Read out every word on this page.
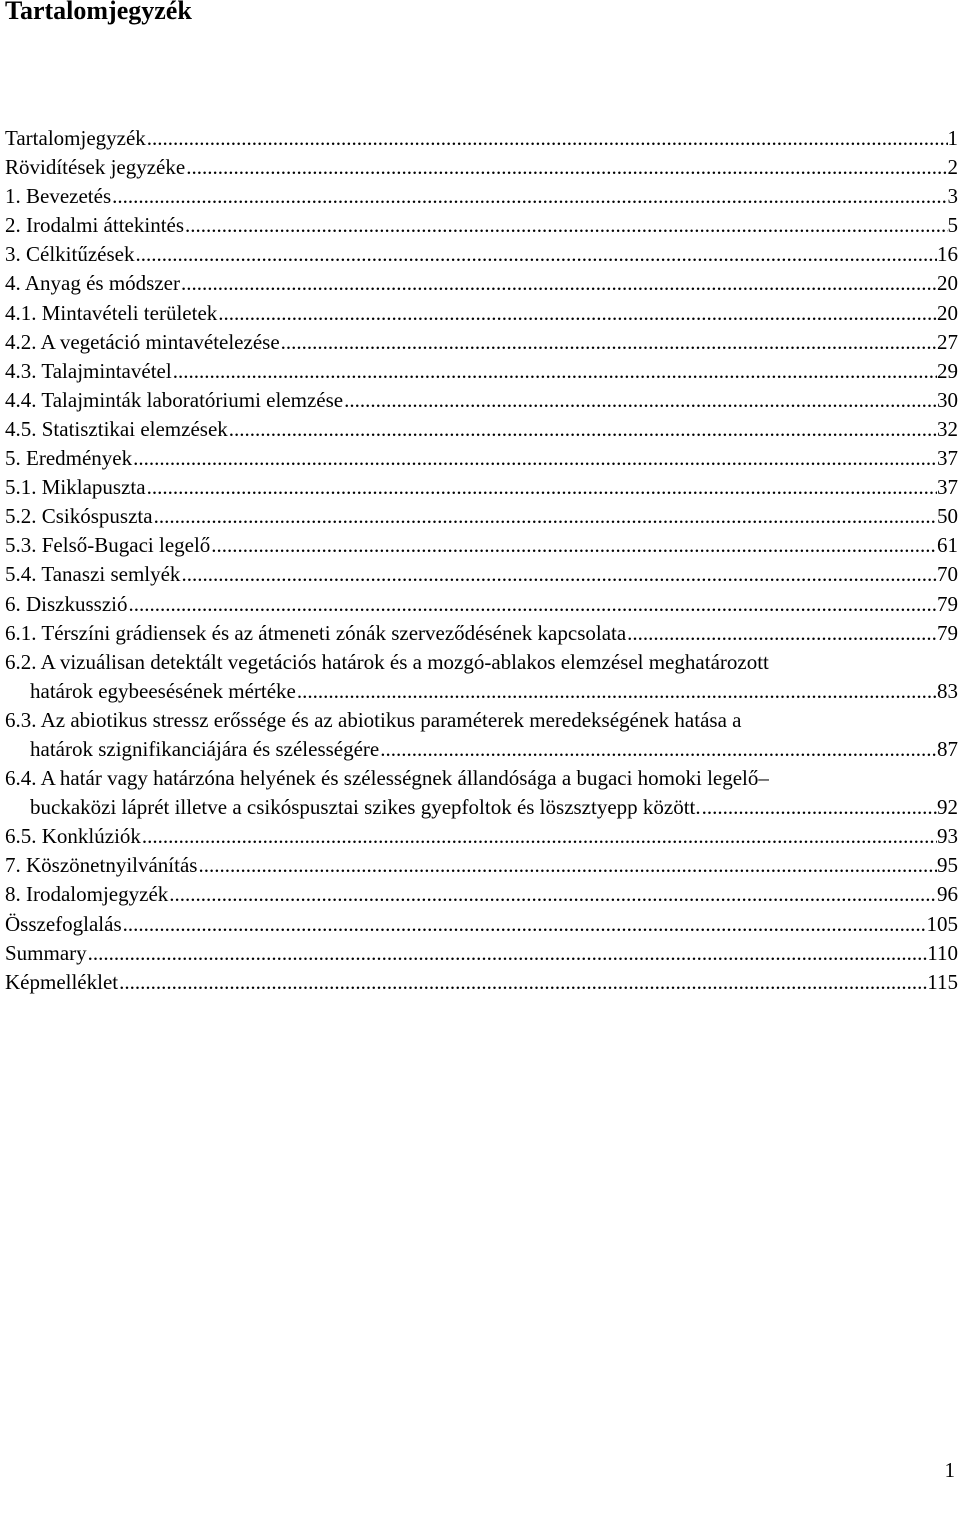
Tartalomjegyzék
Tartalomjegyzék .....	1
Rövidítések jegyzéke .....	2
1. Bevezetés .....	3
2. Irodalmi áttekintés .....	5
3. Célkitűzések .....	16
4. Anyag és módszer .....	20
4.1. Mintavételi területek .....	20
4.2. A vegetáció mintavételezése .....	27
4.3. Talajmintavétel .....	29
4.4. Talajminták laboratóriumi elemzése .....	30
4.5. Statisztikai elemzések .....	32
5. Eredmények .....	37
5.1. Miklapuszta .....	37
5.2. Csikóspuszta .....	50
5.3. Felső-Bugaci legelő .....	61
5.4. Tanaszi semlyék .....	70
6. Diszkusszió .....	79
6.1. Térszíni grádiensek és az átmeneti zónák szerveződésének kapcsolata .....	79
6.2. A vizuálisan detektált vegetációs határok és a mozgó-ablakos elemzésel meghatározott
határok egybeesésének mértéke .....	83
6.3. Az abiotikus stressz erőssége és az abiotikus paraméterek meredekségének hatása a
határok szignifikanciájára és szélességére .....	87
6.4. A határ vagy határzóna helyének és szélességnek állandósága a bugaci homoki legelő–
buckaközi láprét illetve a csikóspusztai szikes gyepfoltok és löszsztyepp között. .....	92
6.5. Konklúziók .....	93
7. Köszönetnyilvánítás .....	95
8. Irodalomjegyzék .....	96
Összefoglalás .....	105
Summary .....	110
Képmelléklet .....	115
1
